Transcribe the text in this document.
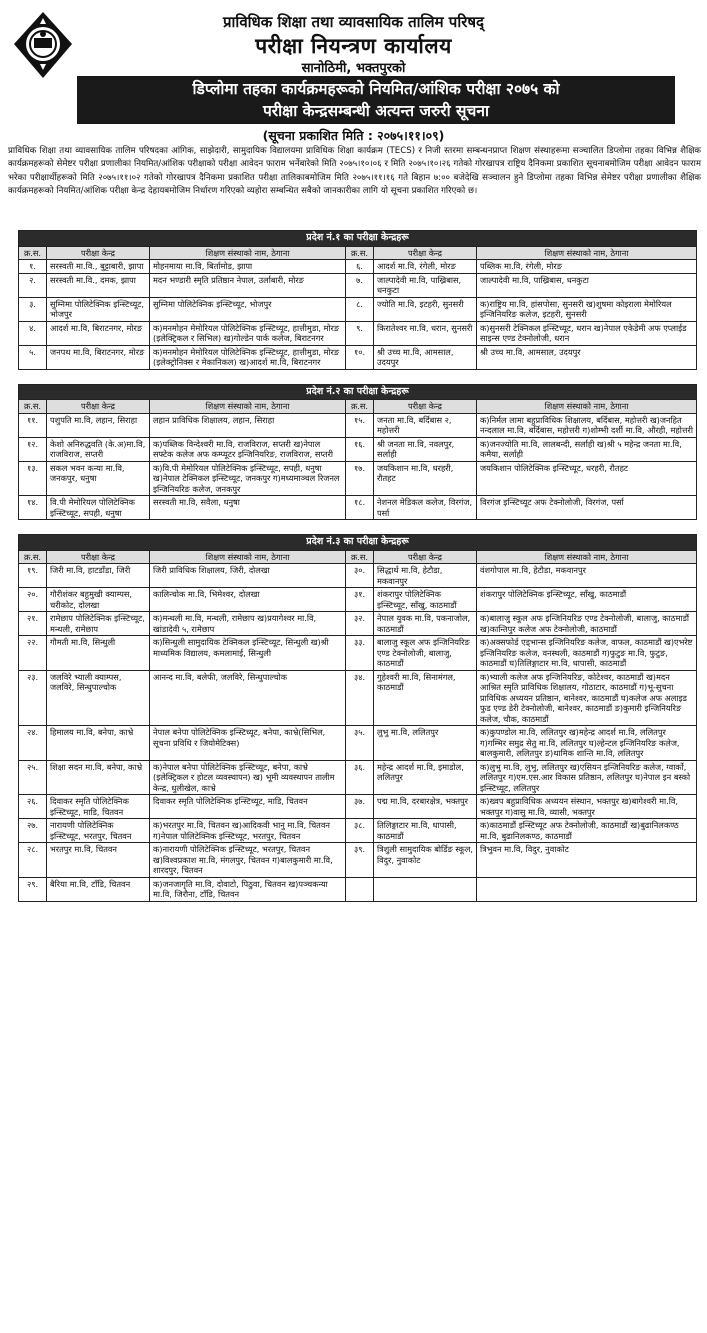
प्राविधिक शिक्षा तथा व्यावसायिक तालिम परिषद्
परीक्षा नियन्त्रण कार्यालय
सानोठिमी, भक्तपुरको
डिप्लोमा तहका कार्यक्रमहरूको नियमित/आंशिक परीक्षा २०७५ को
परीक्षा केन्द्रसम्बन्धी अत्यन्त जरुरी सूचना
(सूचना प्रकाशित मिति : २०७५।११।०९)

प्राविधिक शिक्षा तथा व्यावसायिक तालिम परिषदका आंगिक, साझेदारी, सामुदायिक विद्यालयमा प्राविधिक शिक्षा कार्यक्रम (TECS) र निजी स्तरमा सम्बन्धनप्राप्त शिक्षण संस्थाहरूमा सञ्चालित डिप्लोमा तहका विभिन्न शैक्षिक कार्यक्रमहरूको सेमेष्टर परीक्षा प्रणालीका नियमित/आंशिक परीक्षाको परीक्षा आवेदन फाराम भर्नेबारेको मिति २०७५।१०।०६ र मिति २०७५।१०।२६ गतेको गोरखापत्र राष्ट्रिय दैनिकमा प्रकाशित सूचनाबमोजिम परीक्षा आवेदन फाराम भरेका परीक्षार्थीहरूको मिति २०७५।११।०२ गतेको गोरखापत्र दैनिकमा प्रकाशित परीक्षा तालिकाबमोजिम मिति २०७५।११।१६ गते बिहान ७:०० बजेदेखि सञ्चालन हुने डिप्लोमा तहका विभिन्न सेमेष्टर परीक्षा प्रणालीका शैक्षिक कार्यक्रमहरूको नियमित/आंशिक परीक्षा केन्द्र देहायबमोजिम निर्धारण गरिएको व्यहोरा सम्बन्धित सबैको जानकारीका लागि यो सूचना प्रकाशित गरिएको छ।

प्रदेश नं.१ का परीक्षा केन्द्रहरू					
क्र.स.	परीक्षा केन्द्र	शिक्षण संस्थाको नाम, ठेगाना	क्र.स.	परीक्षा केन्द्र	शिक्षण संस्थाको नाम, ठेगाना
१.	सरस्वती मा.वि., बुट्टाबारी, झापा	मोहनमाया मा.वि, बिर्तामोड, झापा	६.	आदर्श मा.वि, रंगेली, मोरङ	पब्लिक मा.वि, रंगेली, मोरङ
२.	सरस्वती मा.वि., दमक, झापा	मदन भण्डारी स्मृति प्रतिष्ठान नेपाल, उर्लाबारी, मोरङ	७.	जाल्पादेवी मा.वि, पाख्रिबास, धनकुटा	जाल्पादेवी मा.वि, पाख्रिबास, धनकुटा
३.	सुम्निमा पोलिटेक्निक इन्स्टिच्यूट, भोजपुर	सुम्निमा पोलिटेक्निक इन्स्टिच्यूट, भोजपुर	८.	ज्योति मा.वि, इटहरी, सुनसरी	क)राष्ट्रिय मा.वि, हांसपोसा, सुनसरी ख)शुषमा कोइराला मेमोरियल इन्जिनियरिङ कलेज, इटहरी, सुनसरी
४.	आदर्श मा.वि, बिराटनगर, मोरङ	क)मनमोहन मेमोरियल पोलिटेक्निक इन्स्टिच्यूट, हात्तीमुडा, मोरङ (इलेक्ट्रिकल र सिभिल) ख)गोल्डेन पार्क कलेज, बिराटनगर	९.	किरातेश्वर मा.वि, धरान, सुनसरी	क)सुनसरी टेक्निकल इन्स्टिच्यूट, धरान ख)नेपाल एकेडेमी अफ एप्लाईड साइन्स एण्ड टेक्नोलोजी, धरान
५.	जनपथ मा.वि, बिराटनगर, मोरङ	क)मनमोहन मेमोरियल पोलिटेक्निक इन्स्टिच्यूट, हात्तीमुडा, मोरङ (इलेक्ट्रोनिक्स र मेकानिकल) ख)आदर्श मा.वि, बिराटनगर	१०.	श्री उच्च मा.वि, आमसाल, उदयपुर	श्री उच्च मा.वि, आमसाल, उदयपुर
प्रदेश नं.२ का परीक्षा केन्द्रहरू					
क्र.स.	परीक्षा केन्द्र	शिक्षण संस्थाको नाम, ठेगाना	क्र.स.	परीक्षा केन्द्र	शिक्षण संस्थाको नाम, ठेगाना
११.	पशुपति मा.वि, लहान, सिराहा	लहान प्राविधिक शिक्षालय, लहान, सिराहा	१५.	जनता मा.वि, बर्दिबास २, महोत्तरी	क)निर्मल लामा बहुप्राविधिक शिक्षालय, बर्दिबास, महोत्तरी ख)जनहित नन्दलाल मा.वि, बर्दिबास, महोत्तरी ग)शोम्भी दर्शी मा.वि, औरही, महोत्तरी
१२.	केशो अनिरुद्धवति (के.अ)मा.वि, राजविराज, सप्तरी	क)पब्लिक विन्देश्वरी मा.वि, राजविराज, सप्तरी ख)नेपाल सफ्टेक कलेज अफ कम्प्यूटर इन्जिनियरिङ, राजविराज, सप्तरी	१६.	श्री जनता मा.वि, नवलपुर, सर्लाही	क)जनज्योति मा.वि, लालबन्दी, सर्लाही ख)श्री ५ महेन्द्र जनता मा.वि, कमैया, सर्लाही
१३.	सकल भवन कन्या मा.वि, जनकपुर, धनुषा	क)वि.पी मेमोरियल पोलिटेक्निक इन्स्टिच्यूट, सपही, धनुषा ख)नेपाल टेक्निकल इन्स्टिच्यूट, जनकपुर ग)मध्यमाञ्चल रिजनल इन्जिनियरिङ कलेज, जनकपुर	१७.	जयकिशान मा.वि, धरहरी, रौतहट	जयकिशान पोलिटेक्निक इन्स्टिच्यूट, धरहरी, रौतहट
१४.	वि.पी मेमोरियल पोलिटेक्निक इन्स्टिच्यूट, सपही, धनुषा	सरस्वती मा.वि, सवैला, धनुषा	१८.	नेशनल मेडिकल कलेज, विरगंज, पर्सा	विरगंज इन्स्टिच्यूट अफ टेक्नोलोजी, विरगंज, पर्सा
प्रदेश नं.३ का परीक्षा केन्द्रहरू					
क्र.स.	परीक्षा केन्द्र	शिक्षण संस्थाको नाम, ठेगाना	क्र.स.	परीक्षा केन्द्र	शिक्षण संस्थाको नाम, ठेगाना
१९.	जिरी मा.वि, हाटडाँडा, जिरी	जिरी प्राविधिक शिक्षालय, जिरी, दोलखा	३०.	सिद्धार्थ मा.वि, हेटौडा, मकवानपुर	वंशगोपाल मा.वि, हेटौडा, मकवानपुर
२०.	गौरीशंकर बहुमुखी क्याम्पस, चरीकोट, दोलखा	कालिन्चोक मा.वि, भिमेश्वर, दोलखा	३१.	शंकरापुर पोलिटेक्निक इन्स्टिच्यूट, साँखु, काठमाडौं	शंकरापुर पोलिटेक्निक इन्स्टिच्यूट, साँखु, काठमाडौं
२१.	रामेछाप पोलिटेक्निक इन्स्टिच्यूट, मन्थली, रामेछाप	क)मन्थली मा.वि, मन्थली, रामेछाप ख)प्रयागेश्वर मा.वि, खांडादेवी ५, रामेछाप	३२.	नेपाल युवक मा.वि, पकनाजोल, काठमाडौं	क)बालाजु स्कूल अफ इन्जिनियरिङ एण्ड टेक्नोलोजी, बालाजु, काठमाडौं ख)कान्तिपुर कलेज अफ टेक्नोलोजी, काठमाडौं
२२.	गौमती मा.वि, सिन्धुली	क)सिन्धुली सामुदायिक टेक्निकल इन्स्टिच्यूट, सिन्धुली ख)श्री माध्यमिक विद्यालय, कमलामाई, सिन्धुली	३३.	बालाजु स्कूल अफ इन्जिनियरिङ एण्ड टेक्नोलोजी, बालाजु, काठमाडौं	क)अक्सफोर्ड एड्भान्स इन्जिनियरिङ कलेज, वाफल, काठमाडौं ख)एभरेष्ट इन्जिनियरिङ कलेज, वनस्थली, काठमाडौं ग)फुटुङ मा.वि, फुटुङ, काठमाडौं घ)तिलिङ्गाटार मा.वि, धापासी, काठमाडौं
२३.	जलविरे भ्याली क्याम्पस, जलविरे, सिन्धुपाल्चोक	आनन्द मा.वि, बलेफी, जलविरे, सिन्धुपाल्चोक	३४.	गुहेश्वरी मा.वि, सिनामंगल, काठमाडौं	क)भ्याली कलेज अफ इन्जिनियरिङ, कोटेश्वर, काठमाडौं ख)मदन आश्रित स्मृति प्राविधिक शिक्षालय, गोठाटार, काठमाडौं ग)भू-सुचना प्राविधिक अध्ययन प्रतिष्ठान, बानेश्वर, काठमाडौं घ)कलेज अफ अलाइड फुड एण्ड डेरी टेक्नोलोजी, बानेश्वर, काठमाडौं ङ)कुमारी इन्जिनियरिङ कलेज, चौक, काठमाडौं
२४.	हिमालय मा.वि, बनेपा, काभ्रे	नेपाल बनेपा पोलिटेक्निक इन्स्टिच्यूट, बनेपा, काभ्रे(सिभिल, सूचना प्रविधि र जियोमेटिक्स)	३५.	लुभु मा.वि, ललितपुर	क)कुपण्डोल मा.वि, ललितपुर ख)महेन्द्र आदर्श मा.वि, ललितपुर ग)गम्भिर समुद्र सेतु मा.वि, ललितपुर घ)ल्हेन्टल इन्जिनियरिङ कलेज, बालकुमारी, ललितपुर ङ)थामिक शान्ति मा.वि, ललितपुर
२५.	शिक्षा सदन मा.वि, बनेपा, काभ्रे	क)नेपाल बनेपा पोलिटेक्निक इन्स्टिच्यूट, बनेपा, काभ्रे (इलेक्ट्रिकल र होटल व्यवस्थापन) ख) भूमी व्यवस्थापन तालीम केन्द्र, धुलीखेल, काभ्रे	३६.	महेन्द्र आदर्श मा.वि, इमाडोल, ललितपुर	क)लुभु मा.वि, लुभु, ललितपुर ख)एसियन इन्जिनियरिङ कलेज, ग्वार्को, ललितपुर ग)एम.एस.आर विकास प्रतिष्ठान, ललितपुर घ)नेपाल इन बस्को इन्स्टिच्यूट, ललितपुर
२६.	दिवाकर स्मृति पोलिटेक्निक इन्स्टिच्यूट, माडि, चितवन	दिवाकर स्मृति पोलिटेक्निक इन्स्टिच्यूट, माडि, चितवन	३७.	पद्म मा.वि, दरबारक्षेत्र, भक्तपुर	क)ख्वप बहुप्राविधिक अध्ययन संस्थान, भक्तपुर ख)बागेश्वरी मा.वि, भक्तपुर ग)वासु मा.वि, व्यासी, भक्तपुर
२७.	नारायणी पोलिटेक्निक इन्स्टिच्यूट, भरतपुर, चितवन	क)भरतपुर मा.वि, चितवन ख)आदिकवी भानु मा.वि, चितवन ग)नेपाल पोलिटेक्निक इन्स्टिच्यूट, भरतपुर, चितवन	३८.	तिलिङ्गाटार मा.वि, धापासी, काठमाडौं	क)काठमाडौं इन्स्टिच्यूट अफ टेक्नोलोजी, काठमाडौं ख)बुढानिलकण्ठ मा.वि, बुढानिलकण्ठ, काठमाडौं
२८.	भरतपुर मा.वि, चितवन	क)नारायणी पोलिटेक्निक इन्स्टिच्यूट, भरतपुर, चितवन ख)विश्वप्रकाश मा.वि, मंगलपुर, चितवन ग)बालकुमारी मा.वि, शारदपुर, चितवन	३९.	त्रिशुली सामुदायिक बोर्डिङ स्कूल, विदुर, नुवाकोट	त्रिभुवन मा.वि, विदुर, नुवाकोट
२९.	बैरिया मा.वि, टाँडि, चितवन	क)जनजागृति मा.वि, दोवाटो, पिठुवा, चितवन ख)पञ्चकन्या मा.वि, जिरौना, टाँडि, चितवन			
